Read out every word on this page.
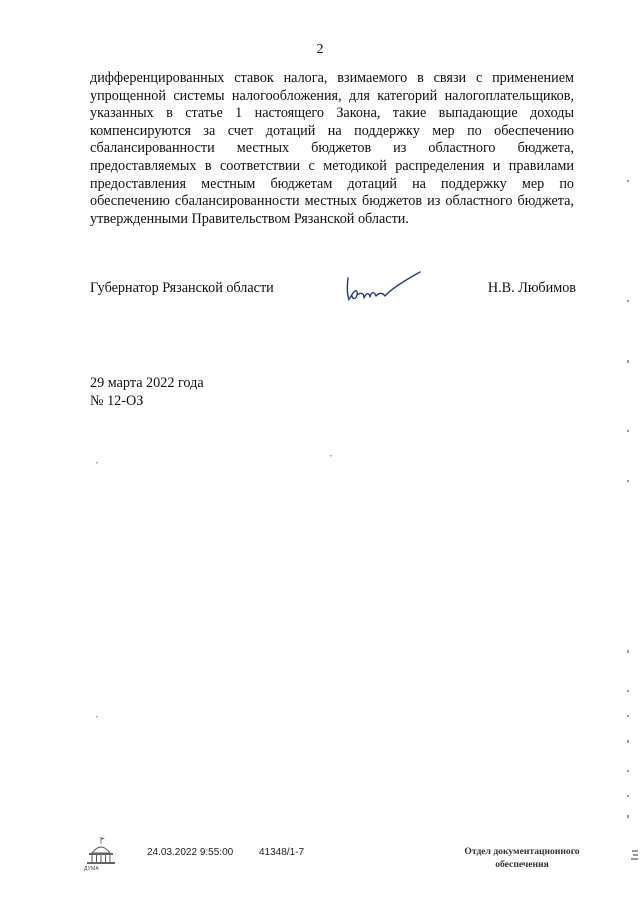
2

дифференцированных ставок налога, взимаемого в связи с применением упрощенной системы налогообложения, для категорий налогоплательщиков, указанных в статье 1 настоящего Закона, такие выпадающие доходы компенсируются за счет дотаций на поддержку мер по обеспечению сбалансированности местных бюджетов из областного бюджета, предоставляемых в соответствии с методикой распределения и правилами предоставления местным бюджетам дотаций на поддержку мер по обеспечению сбалансированности местных бюджетов из областного бюджета, утвержденными Правительством Рязанской области.

Губернатор Рязанской области	Н.В. Любимов
29 марта 2022 года
№ 12-ОЗ
ДУМА
24.03.2022 9:55:00	41348/1-7	Отдел документационного обеспечения
